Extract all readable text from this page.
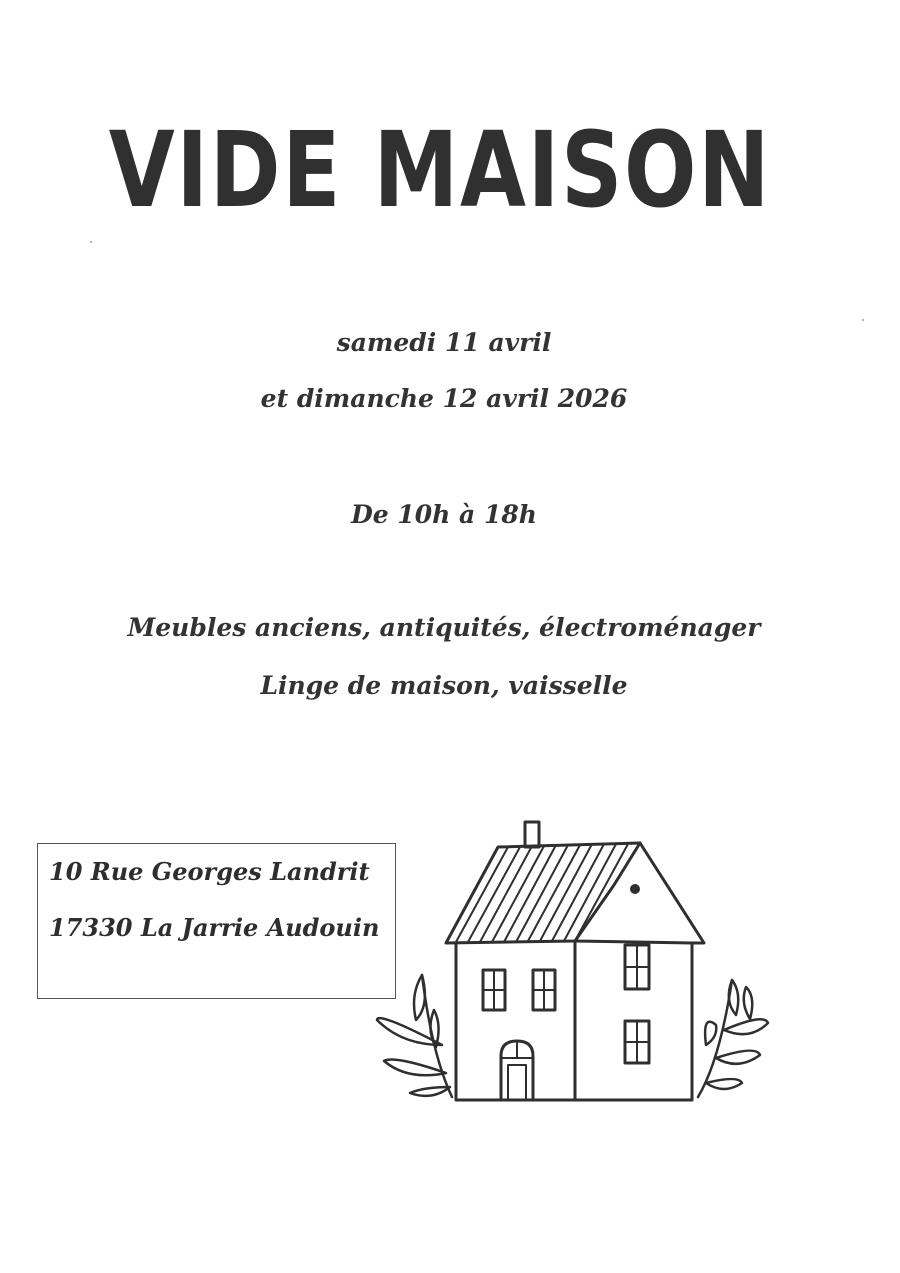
VIDE MAISON
samedi 11 avril
et dimanche 12 avril 2026
De 10h à 18h
Meubles anciens, antiquités, électroménager
Linge de maison, vaisselle
10 Rue Georges Landrit
17330 La Jarrie Audouin
